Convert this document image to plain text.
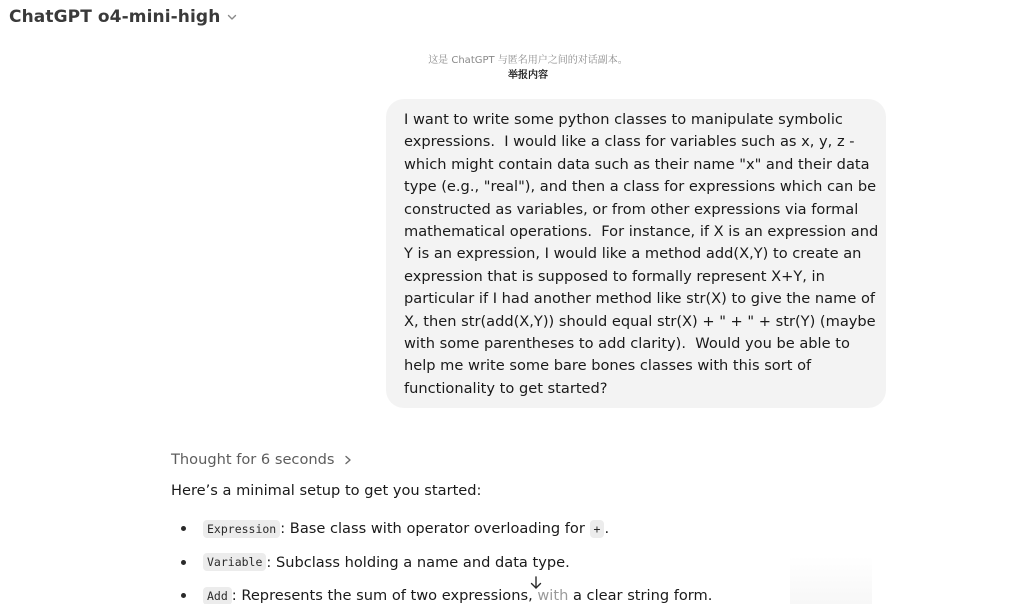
ChatGPT o4-mini-high
这是 ChatGPT 与匿名用户之间的对话副本。
举报内容
I want to write some python classes to manipulate symbolic
expressions.  I would like a class for variables such as x, y, z -
which might contain data such as their name "x" and their data
type (e.g., "real"), and then a class for expressions which can be
constructed as variables, or from other expressions via formal
mathematical operations.  For instance, if X is an expression and
Y is an expression, I would like a method add(X,Y) to create an
expression that is supposed to formally represent X+Y, in
particular if I had another method like str(X) to give the name of
X, then str(add(X,Y)) should equal str(X) + " + " + str(Y) (maybe
with some parentheses to add clarity).  Would you be able to
help me write some bare bones classes with this sort of
functionality to get started?
Thought for 6 seconds
Here’s a minimal setup to get you started:
Expression : Base class with operator overloading for + .
Variable : Subclass holding a name and data type.
Add : Represents the sum of two expressions, with a clear string form.
